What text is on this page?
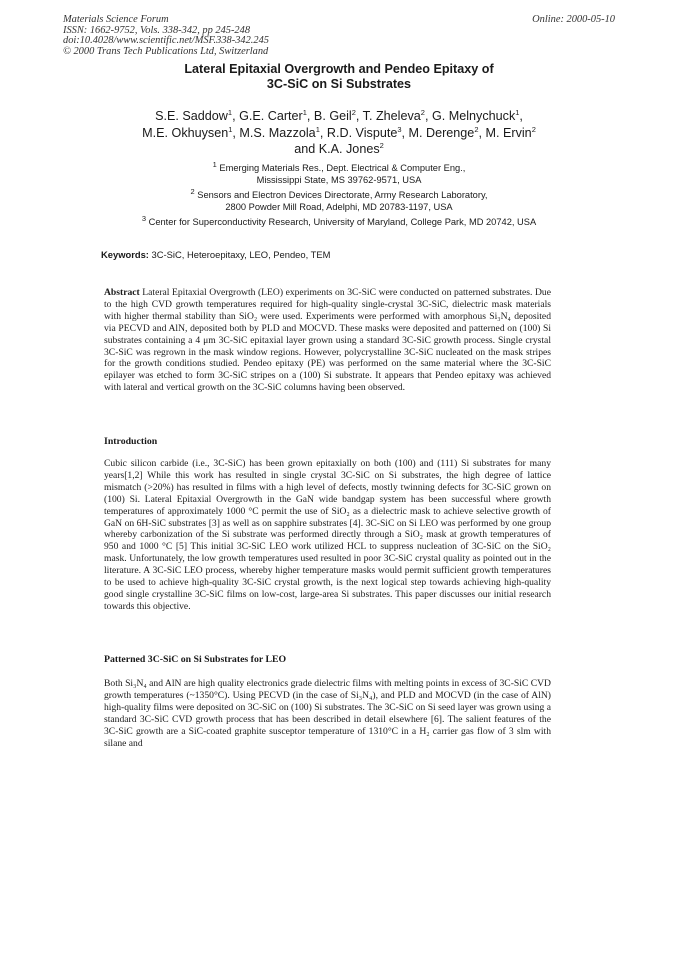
Materials Science Forum
ISSN: 1662-9752, Vols. 338-342, pp 245-248
doi:10.4028/www.scientific.net/MSF.338-342.245
© 2000 Trans Tech Publications Ltd, Switzerland
Online: 2000-05-10
Lateral Epitaxial Overgrowth and Pendeo Epitaxy of
3C-SiC on Si Substrates
S.E. Saddow$^1$, G.E. Carter$^1$, B. Geil$^2$, T. Zheleva$^2$, G. Melnychuck$^1$,
M.E. Okhuysen$^1$, M.S. Mazzola$^1$, R.D. Vispute$^3$, M. Derenge$^2$, M. Ervin$^2$
and K.A. Jones$^2$
$^1$ Emerging Materials Res., Dept. Electrical & Computer Eng.,
Mississippi State, MS 39762-9571, USA
$^2$ Sensors and Electron Devices Directorate, Army Research Laboratory,
2800 Powder Mill Road, Adelphi, MD 20783-1197, USA
$^3$ Center for Superconductivity Research, University of Maryland, College Park, MD 20742, USA
Keywords: 3C-SiC, Heteroepitaxy, LEO, Pendeo, TEM

Abstract Lateral Epitaxial Overgrowth (LEO) experiments on 3C-SiC were conducted on patterned substrates. Due to the high CVD growth temperatures required for high-quality single-crystal 3C-SiC, dielectric mask materials with higher thermal stability than SiO₂ were used. Experiments were performed with amorphous Si₃N₄ deposited via PECVD and AlN, deposited both by PLD and MOCVD. These masks were deposited and patterned on (100) Si substrates containing a 4 μm 3C-SiC epitaxial layer grown using a standard 3C-SiC growth process. Single crystal 3C-SiC was regrown in the mask window regions. However, polycrystalline 3C-SiC nucleated on the mask stripes for the growth conditions studied. Pendeo epitaxy (PE) was performed on the same material where the 3C-SiC epilayer was etched to form 3C-SiC stripes on a (100) Si substrate. It appears that Pendeo epitaxy was achieved with lateral and vertical growth on the 3C-SiC columns having been observed.

Introduction

Cubic silicon carbide (i.e., 3C-SiC) has been grown epitaxially on both (100) and (111) Si substrates for many years[1,2] While this work has resulted in single crystal 3C-SiC on Si substrates, the high degree of lattice mismatch (>20%) has resulted in films with a high level of defects, mostly twinning defects for 3C-SiC grown on (100) Si. Lateral Epitaxial Overgrowth in the GaN wide bandgap system has been successful where growth temperatures of approximately 1000 °C permit the use of SiO₂ as a dielectric mask to achieve selective growth of GaN on 6H-SiC substrates [3] as well as on sapphire substrates [4]. 3C-SiC on Si LEO was performed by one group whereby carbonization of the Si substrate was performed directly through a SiO₂ mask at growth temperatures of 950 and 1000 °C [5] This initial 3C-SiC LEO work utilized HCL to suppress nucleation of 3C-SiC on the SiO₂ mask. Unfortunately, the low growth temperatures used resulted in poor 3C-SiC crystal quality as pointed out in the literature. A 3C-SiC LEO process, whereby higher temperature masks would permit sufficient growth temperatures to be used to achieve high-quality 3C-SiC crystal growth, is the next logical step towards achieving high-quality good single crystalline 3C-SiC films on low-cost, large-area Si substrates. This paper discusses our initial research towards this objective.

Patterned 3C-SiC on Si Substrates for LEO

Both Si₃N₄ and AlN are high quality electronics grade dielectric films with melting points in excess of 3C-SiC CVD growth temperatures (~1350°C). Using PECVD (in the case of Si₃N₄), and PLD and MOCVD (in the case of AlN) high-quality films were deposited on 3C-SiC on (100) Si substrates. The 3C-SiC on Si seed layer was grown using a standard 3C-SiC CVD growth process that has been described in detail elsewhere [6]. The salient features of the 3C-SiC growth are a SiC-coated graphite susceptor temperature of 1310°C in a H₂ carrier gas flow of 3 slm with silane and
